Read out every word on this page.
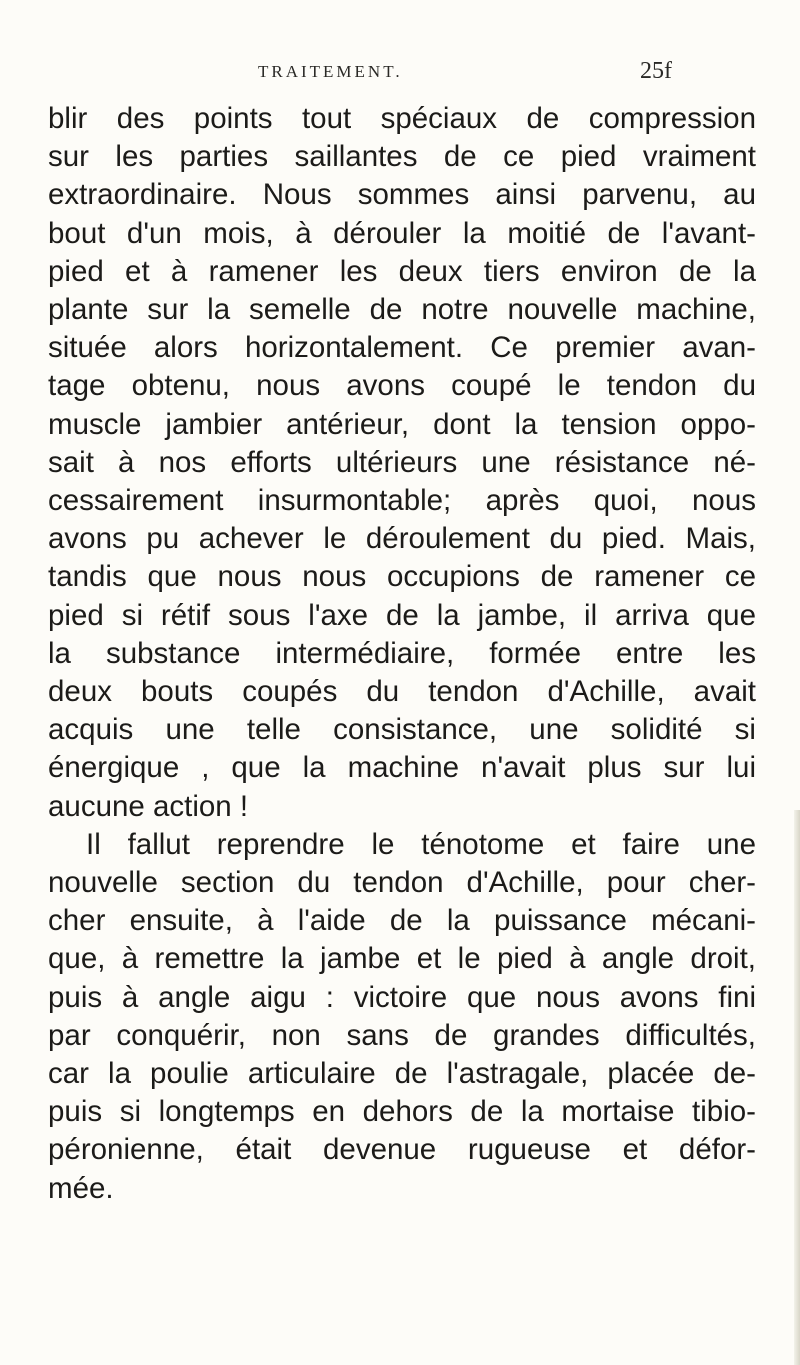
TRAITEMENT.	25f
blir des points tout spéciaux de compression
sur les parties saillantes de ce pied vraiment
extraordinaire. Nous sommes ainsi parvenu, au
bout d'un mois, à dérouler la moitié de l'avant-
pied et à ramener les deux tiers environ de la
plante sur la semelle de notre nouvelle machine,
située alors horizontalement. Ce premier avan-
tage obtenu, nous avons coupé le tendon du
muscle jambier antérieur, dont la tension oppo-
sait à nos efforts ultérieurs une résistance né-
cessairement insurmontable; après quoi, nous
avons pu achever le déroulement du pied. Mais,
tandis que nous nous occupions de ramener ce
pied si rétif sous l'axe de la jambe, il arriva que
la substance intermédiaire, formée entre les
deux bouts coupés du tendon d'Achille, avait
acquis une telle consistance, une solidité si
énergique , que la machine n'avait plus sur lui
aucune action !
Il fallut reprendre le ténotome et faire une
nouvelle section du tendon d'Achille, pour cher-
cher ensuite, à l'aide de la puissance mécani-
que, à remettre la jambe et le pied à angle droit,
puis à angle aigu : victoire que nous avons fini
par conquérir, non sans de grandes difficultés,
car la poulie articulaire de l'astragale, placée de-
puis si longtemps en dehors de la mortaise tibio-
péronienne, était devenue rugueuse et défor-
mée.
